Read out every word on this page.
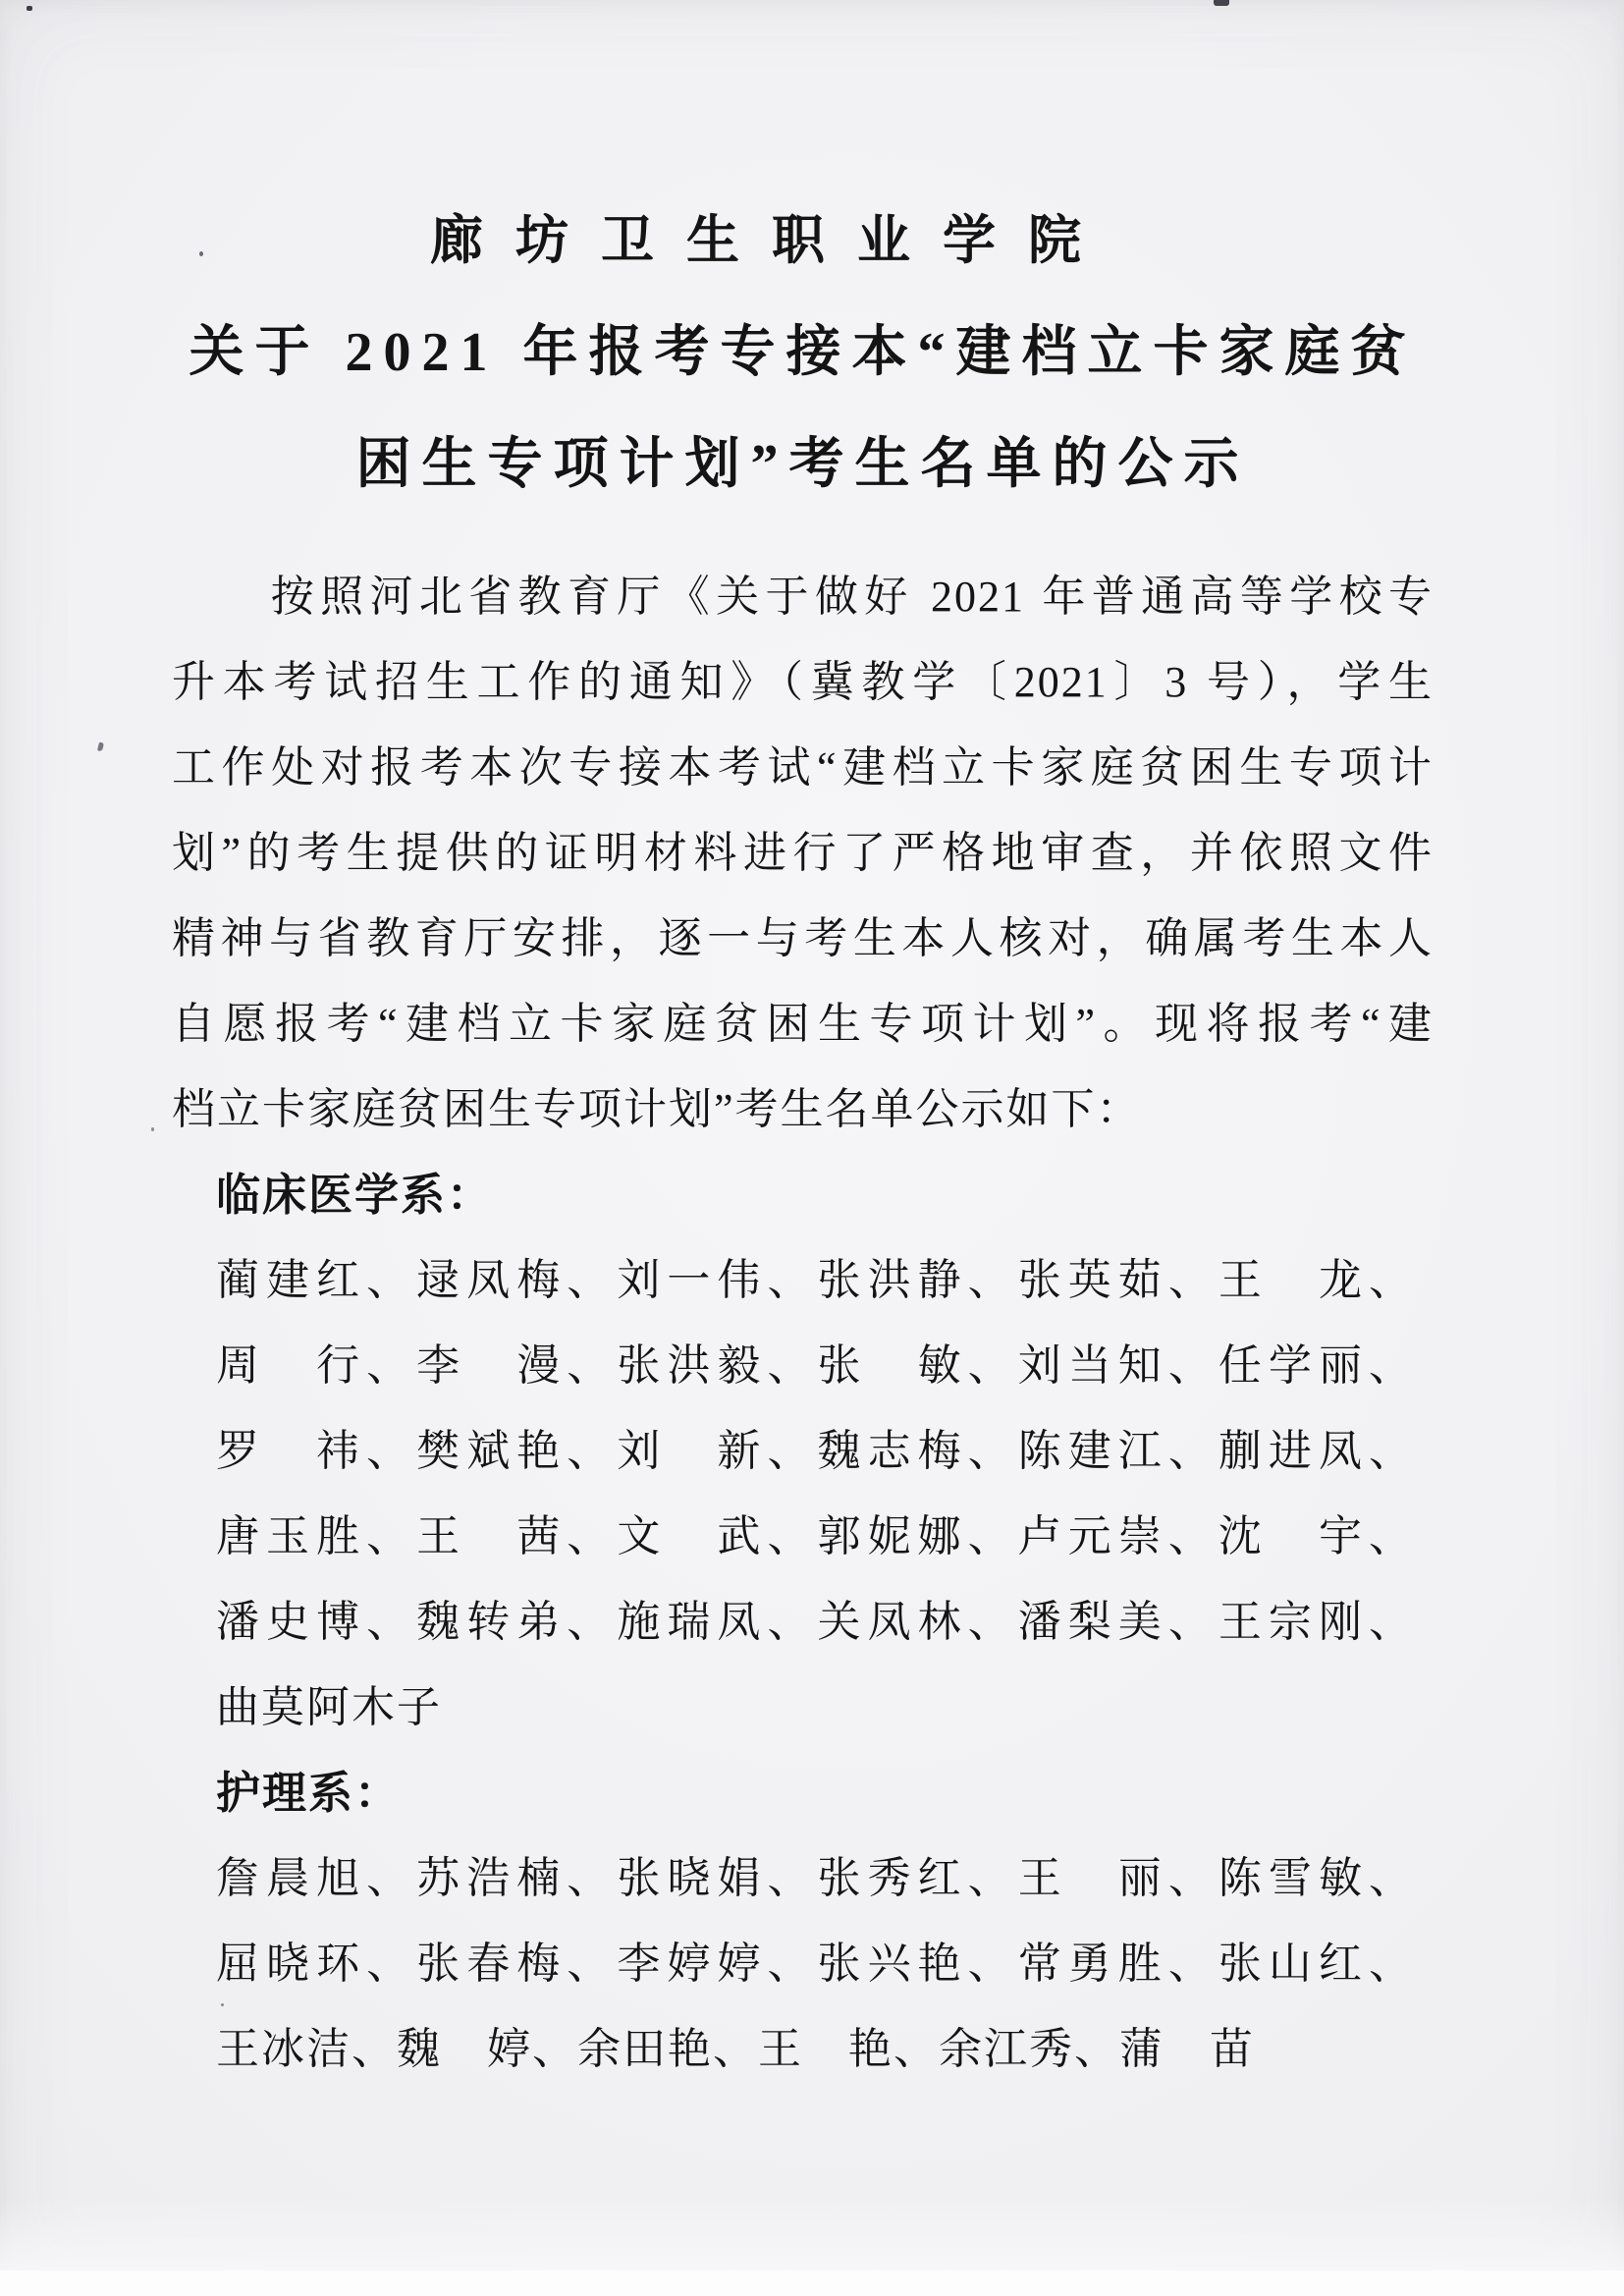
廊坊卫生职业学院
关于 2021 年报考专接本“建档立卡家庭贫
困生专项计划”考生名单的公示
　　按照河北省教育厅《关于做好 2021 年普通高等学校专
升本考试招生工作的通知》（冀教学〔2021〕3 号），学生
工作处对报考本次专接本考试“建档立卡家庭贫困生专项计
划”的考生提供的证明材料进行了严格地审查，并依照文件
精神与省教育厅安排，逐一与考生本人核对，确属考生本人
自愿报考“建档立卡家庭贫困生专项计划”。现将报考“建
档立卡家庭贫困生专项计划”考生名单公示如下：
临床医学系：
蔺建红、逯凤梅、刘一伟、张洪静、张英茹、王　龙、
周　行、李　漫、张洪毅、张　敏、刘当知、任学丽、
罗　祎、樊斌艳、刘　新、魏志梅、陈建江、蒯进凤、
唐玉胜、王　茜、文　武、郭妮娜、卢元崇、沈　宇、
潘史博、魏转弟、施瑞凤、关凤林、潘梨美、王宗刚、
曲莫阿木子
护理系：
詹晨旭、苏浩楠、张晓娟、张秀红、王　丽、陈雪敏、
屈晓环、张春梅、李婷婷、张兴艳、常勇胜、张山红、
王冰洁、魏　婷、余田艳、王　艳、余江秀、蒲　苗
